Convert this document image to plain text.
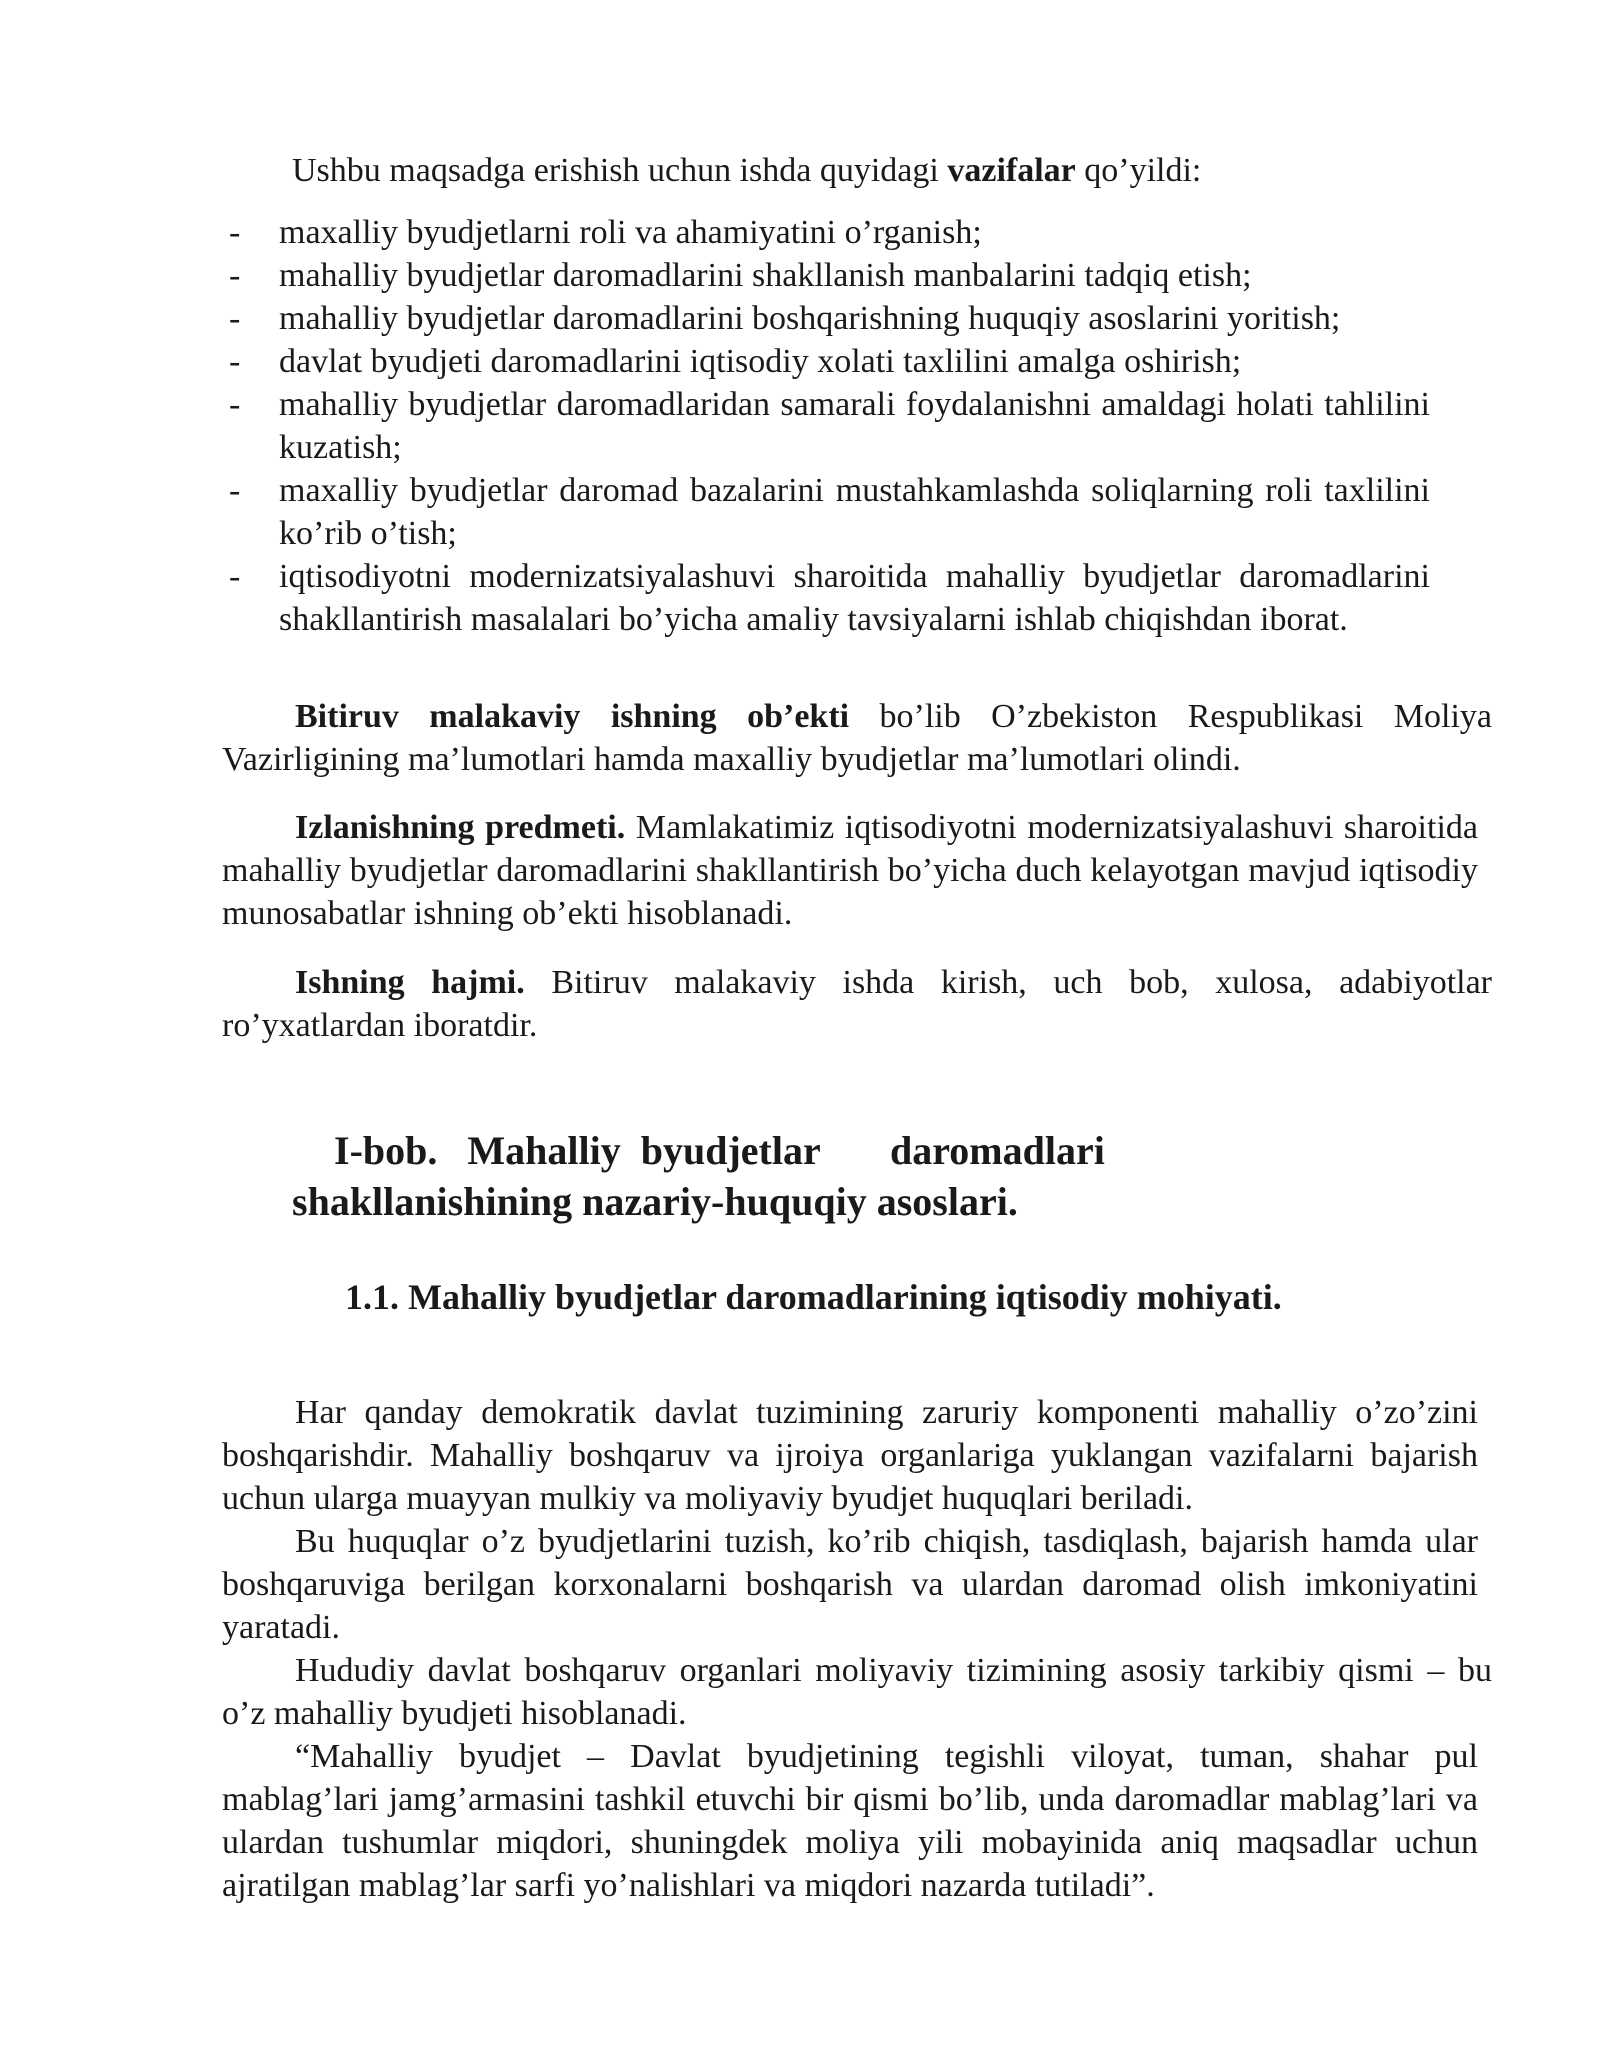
Ushbu maqsadga erishish uchun ishda quyidagi vazifalar qo’yildi:

- maxalliy byudjetlarni roli va ahamiyatini o’rganish;
- mahalliy byudjetlar daromadlarini shakllanish manbalarini tadqiq etish;
- mahalliy byudjetlar daromadlarini boshqarishning huquqiy asoslarini yoritish;
- davlat byudjeti daromadlarini iqtisodiy xolati taxlilini amalga oshirish;
- mahalliy byudjetlar daromadlaridan samarali foydalanishni amaldagi holati tahlilini kuzatish;
- maxalliy byudjetlar daromad bazalarini mustahkamlashda soliqlarning roli taxlilini ko’rib o’tish;
- iqtisodiyotni modernizatsiyalashuvi sharoitida mahalliy byudjetlar daromadlarini shakllantirish masalalari bo’yicha amaliy tavsiyalarni ishlab chiqishdan iborat.

Bitiruv malakaviy ishning ob’ekti bo’lib O’zbekiston Respublikasi Moliya Vazirligining ma’lumotlari hamda maxalliy byudjetlar ma’lumotlari olindi.

Izlanishning predmeti. Mamlakatimiz iqtisodiyotni modernizatsiyalashuvi sharoitida mahalliy byudjetlar daromadlarini shakllantirish bo’yicha duch kelayotgan mavjud iqtisodiy munosabatlar ishning ob’ekti hisoblanadi.

Ishning hajmi. Bitiruv malakaviy ishda kirish, uch bob, xulosa, adabiyotlar ro’yxatlardan iboratdir.

I-bob.   Mahalliy  byudjetlar       daromadlari
shakllanishining nazariy-huquqiy asoslari.
1.1. Mahalliy byudjetlar daromadlarining iqtisodiy mohiyati.

Har qanday demokratik davlat tuzimining zaruriy komponenti mahalliy o’zo’zini boshqarishdir. Mahalliy boshqaruv va ijroiya organlariga yuklangan vazifalarni bajarish uchun ularga muayyan mulkiy va moliyaviy byudjet huquqlari beriladi.

Bu huquqlar o’z byudjetlarini tuzish, ko’rib chiqish, tasdiqlash, bajarish hamda ular boshqaruviga berilgan korxonalarni boshqarish va ulardan daromad olish imkoniyatini yaratadi.

Hududiy davlat boshqaruv organlari moliyaviy tizimining asosiy tarkibiy qismi – bu o’z mahalliy byudjeti hisoblanadi.

“Mahalliy byudjet – Davlat byudjetining tegishli viloyat, tuman, shahar pul mablag’lari jamg’armasini tashkil etuvchi bir qismi bo’lib, unda daromadlar mablag’lari va ulardan tushumlar miqdori, shuningdek moliya yili mobayinida aniq maqsadlar uchun ajratilgan mablag’lar sarfi yo’nalishlari va miqdori nazarda tutiladi”.
